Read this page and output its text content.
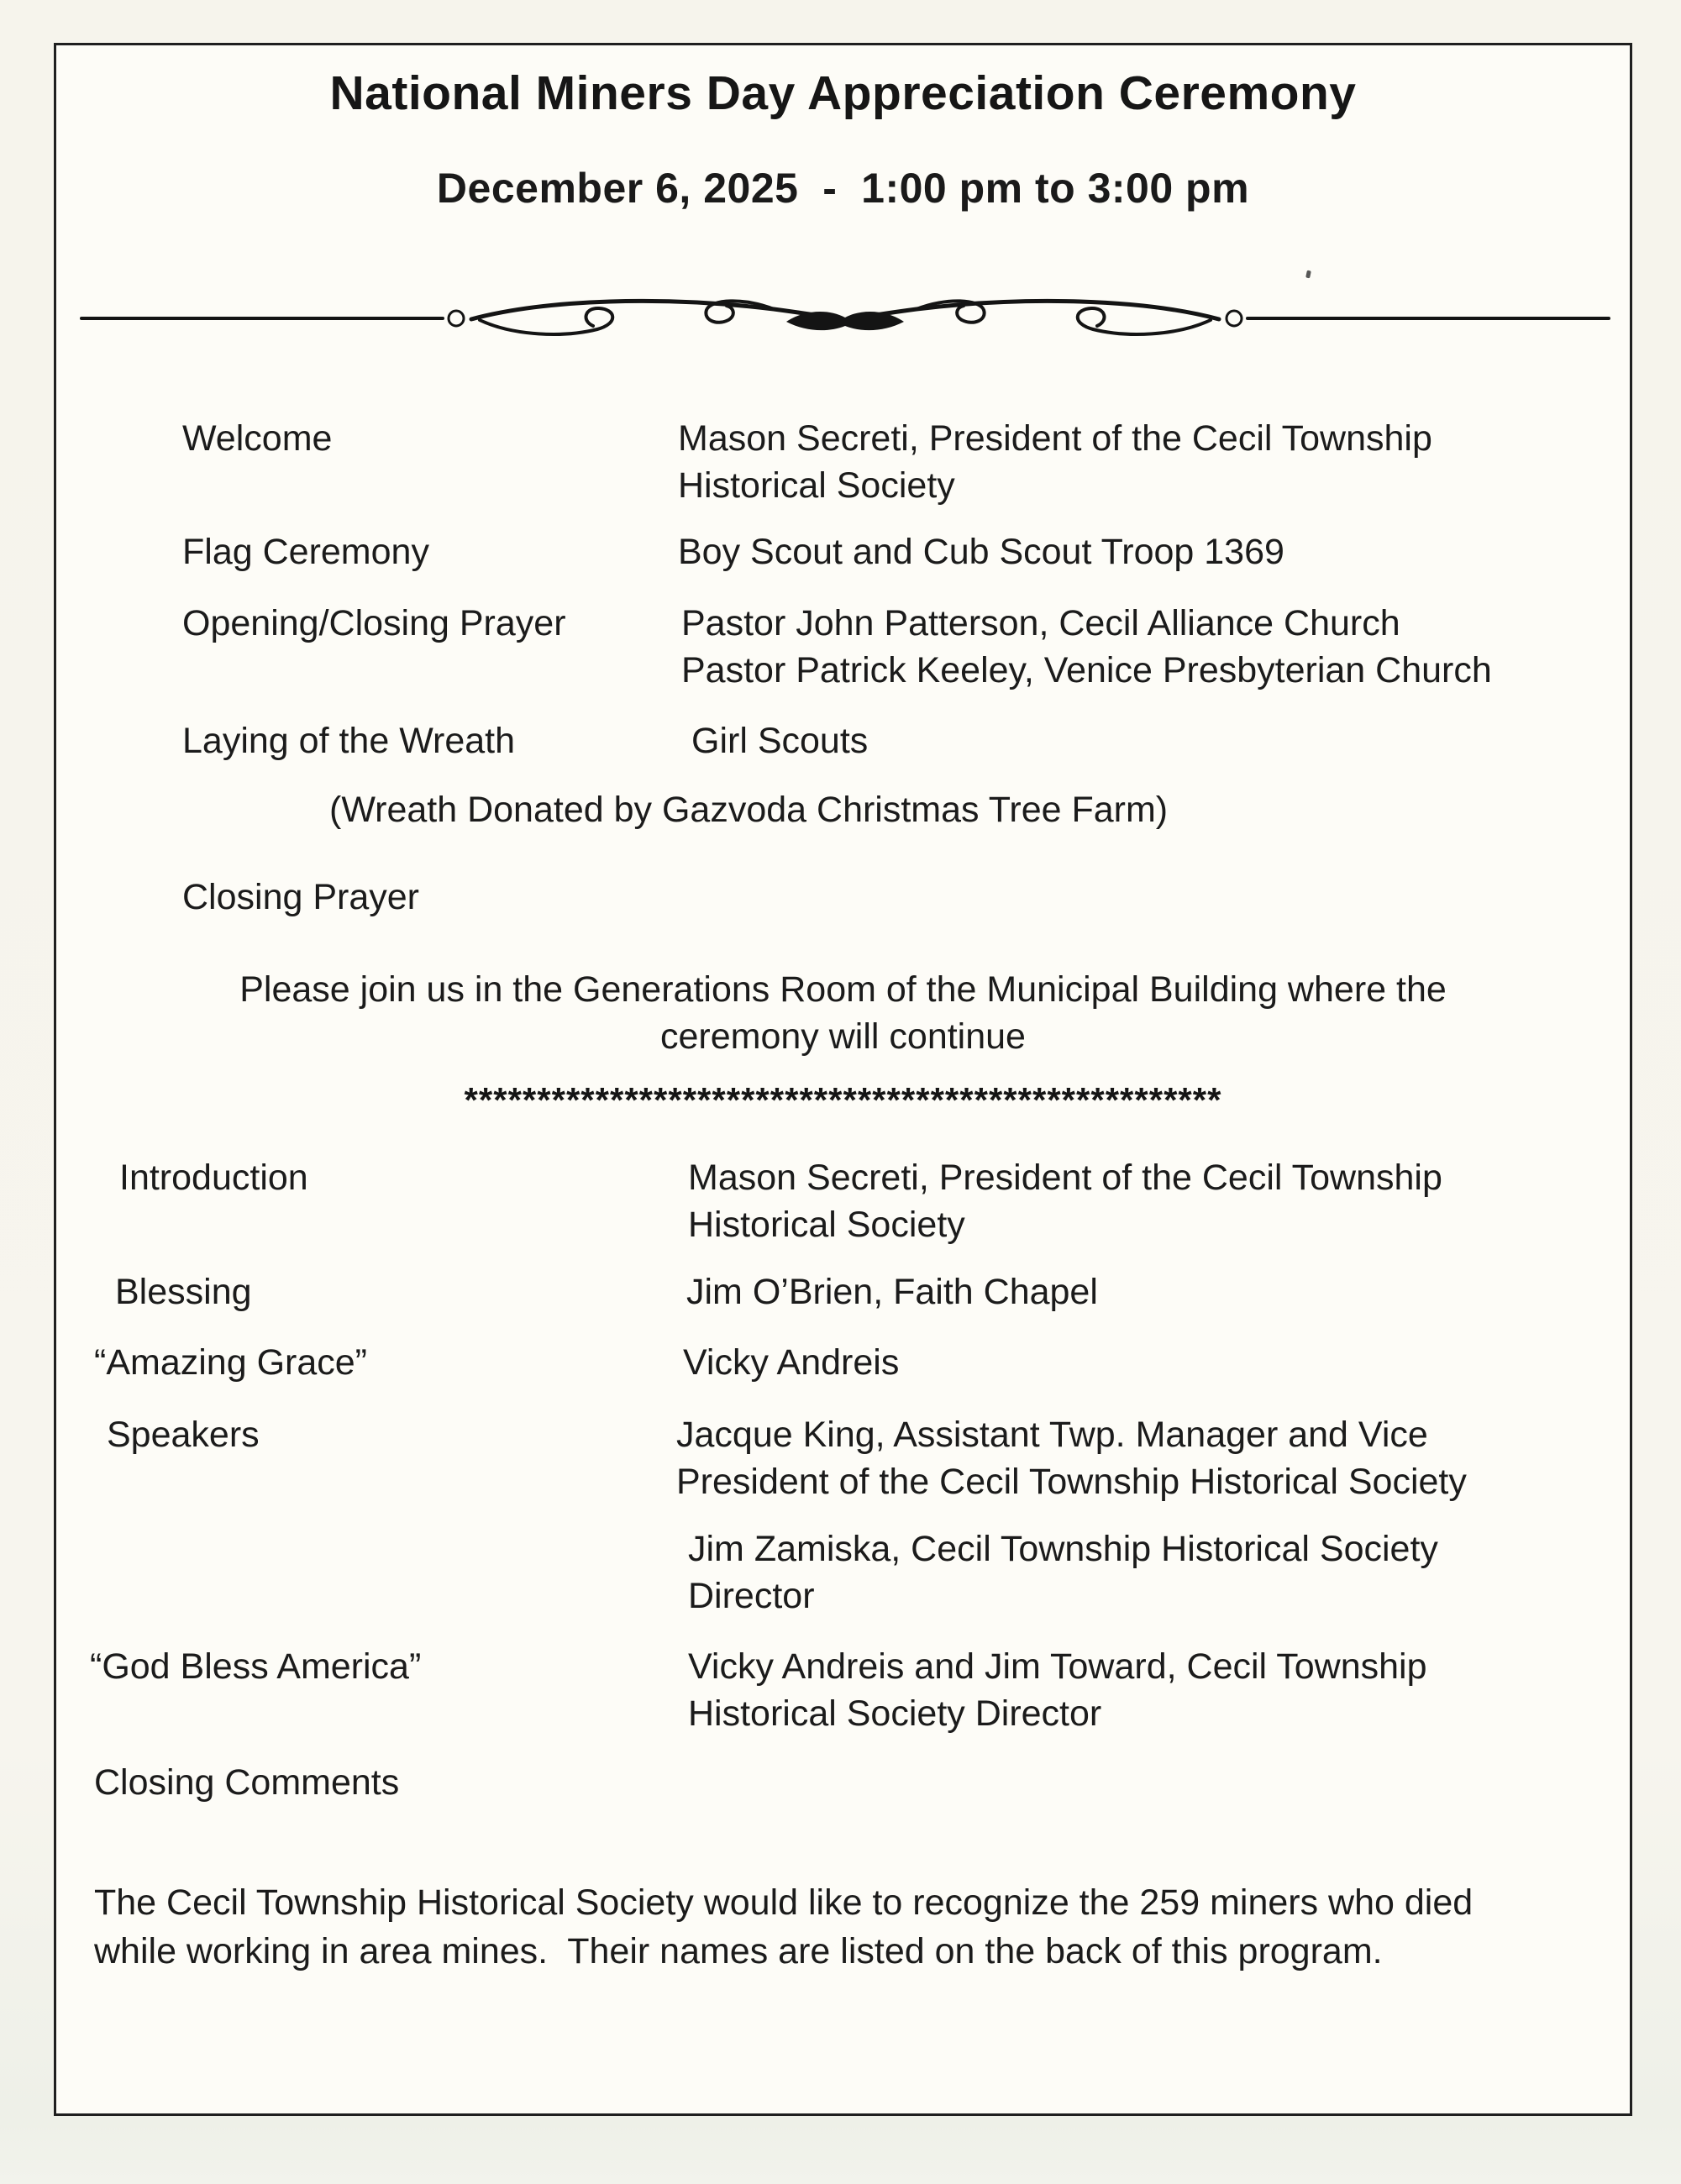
National Miners Day Appreciation Ceremony
December 6, 2025  -  1:00 pm to 3:00 pm
Welcome	Mason Secreti, President of the Cecil Township
Historical Society
Flag Ceremony	Boy Scout and Cub Scout Troop 1369
Opening/Closing Prayer	Pastor John Patterson, Cecil Alliance Church
Pastor Patrick Keeley, Venice Presbyterian Church
Laying of the Wreath	Girl Scouts
(Wreath Donated by Gazvoda Christmas Tree Farm)
Closing Prayer
Please join us in the Generations Room of the Municipal Building where the
ceremony will continue
****************************************************
Introduction	Mason Secreti, President of the Cecil Township
Historical Society
Blessing	Jim O’Brien, Faith Chapel
“Amazing Grace”	Vicky Andreis
Speakers	Jacque King, Assistant Twp. Manager and Vice
President of the Cecil Township Historical Society
Jim Zamiska, Cecil Township Historical Society
Director
“God Bless America”	Vicky Andreis and Jim Toward, Cecil Township
Historical Society Director
Closing Comments
The Cecil Township Historical Society would like to recognize the 259 miners who died
while working in area mines.  Their names are listed on the back of this program.
